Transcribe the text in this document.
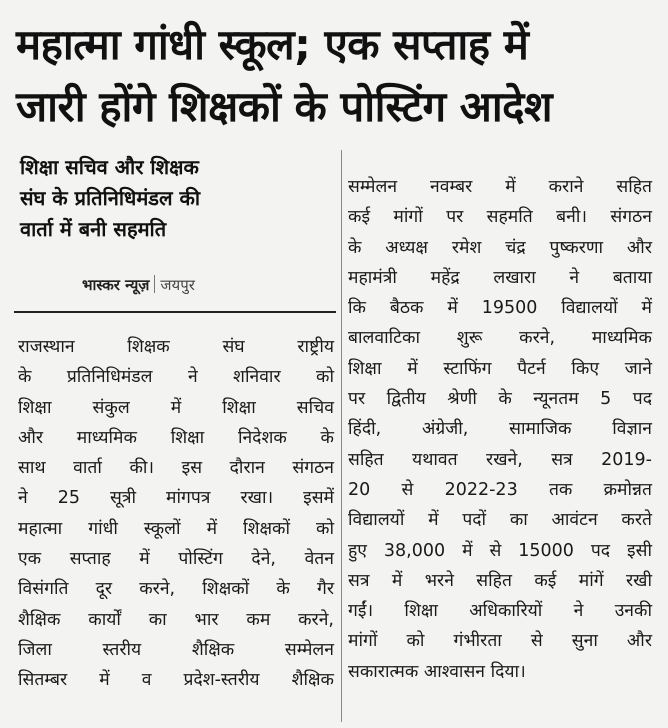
महात्मा गांधी स्कूल; एक सप्ताह में
जारी होंगे शिक्षकों के पोस्टिंग आदेश
शिक्षा सचिव और शिक्षक
संघ के प्रतिनिधिमंडल की
वार्ता में बनी सहमति
भास्कर न्यूज़ जयपुर
राजस्थान शिक्षक संघ राष्ट्रीय
के प्रतिनिधिमंडल ने शनिवार को
शिक्षा संकुल में शिक्षा सचिव
और माध्यमिक शिक्षा निदेशक के
साथ वार्ता की। इस दौरान संगठन
ने 25 सूत्री मांगपत्र रखा। इसमें
महात्मा गांधी स्कूलों में शिक्षकों को
एक सप्ताह में पोस्टिंग देने, वेतन
विसंगति दूर करने, शिक्षकों के गैर
शैक्षिक कार्यों का भार कम करने,
जिला स्तरीय शैक्षिक सम्मेलन
सितम्बर में व प्रदेश-स्तरीय शैक्षिक
सम्मेलन नवम्बर में कराने सहित
कई मांगों पर सहमति बनी। संगठन
के अध्यक्ष रमेश चंद्र पुष्करणा और
महामंत्री महेंद्र लखारा ने बताया
कि बैठक में 19500 विद्यालयों में
बालवाटिका शुरू करने, माध्यमिक
शिक्षा में स्टाफिंग पैटर्न किए जाने
पर द्वितीय श्रेणी के न्यूनतम 5 पद
हिंदी, अंग्रेजी, सामाजिक विज्ञान
सहित यथावत रखने, सत्र 2019-
20 से 2022-23 तक क्रमोन्नत
विद्यालयों में पदों का आवंटन करते
हुए 38,000 में से 15000 पद इसी
सत्र में भरने सहित कई मांगें रखी
गईं। शिक्षा अधिकारियों ने उनकी
मांगों को गंभीरता से सुना और
सकारात्मक आश्वासन दिया।
